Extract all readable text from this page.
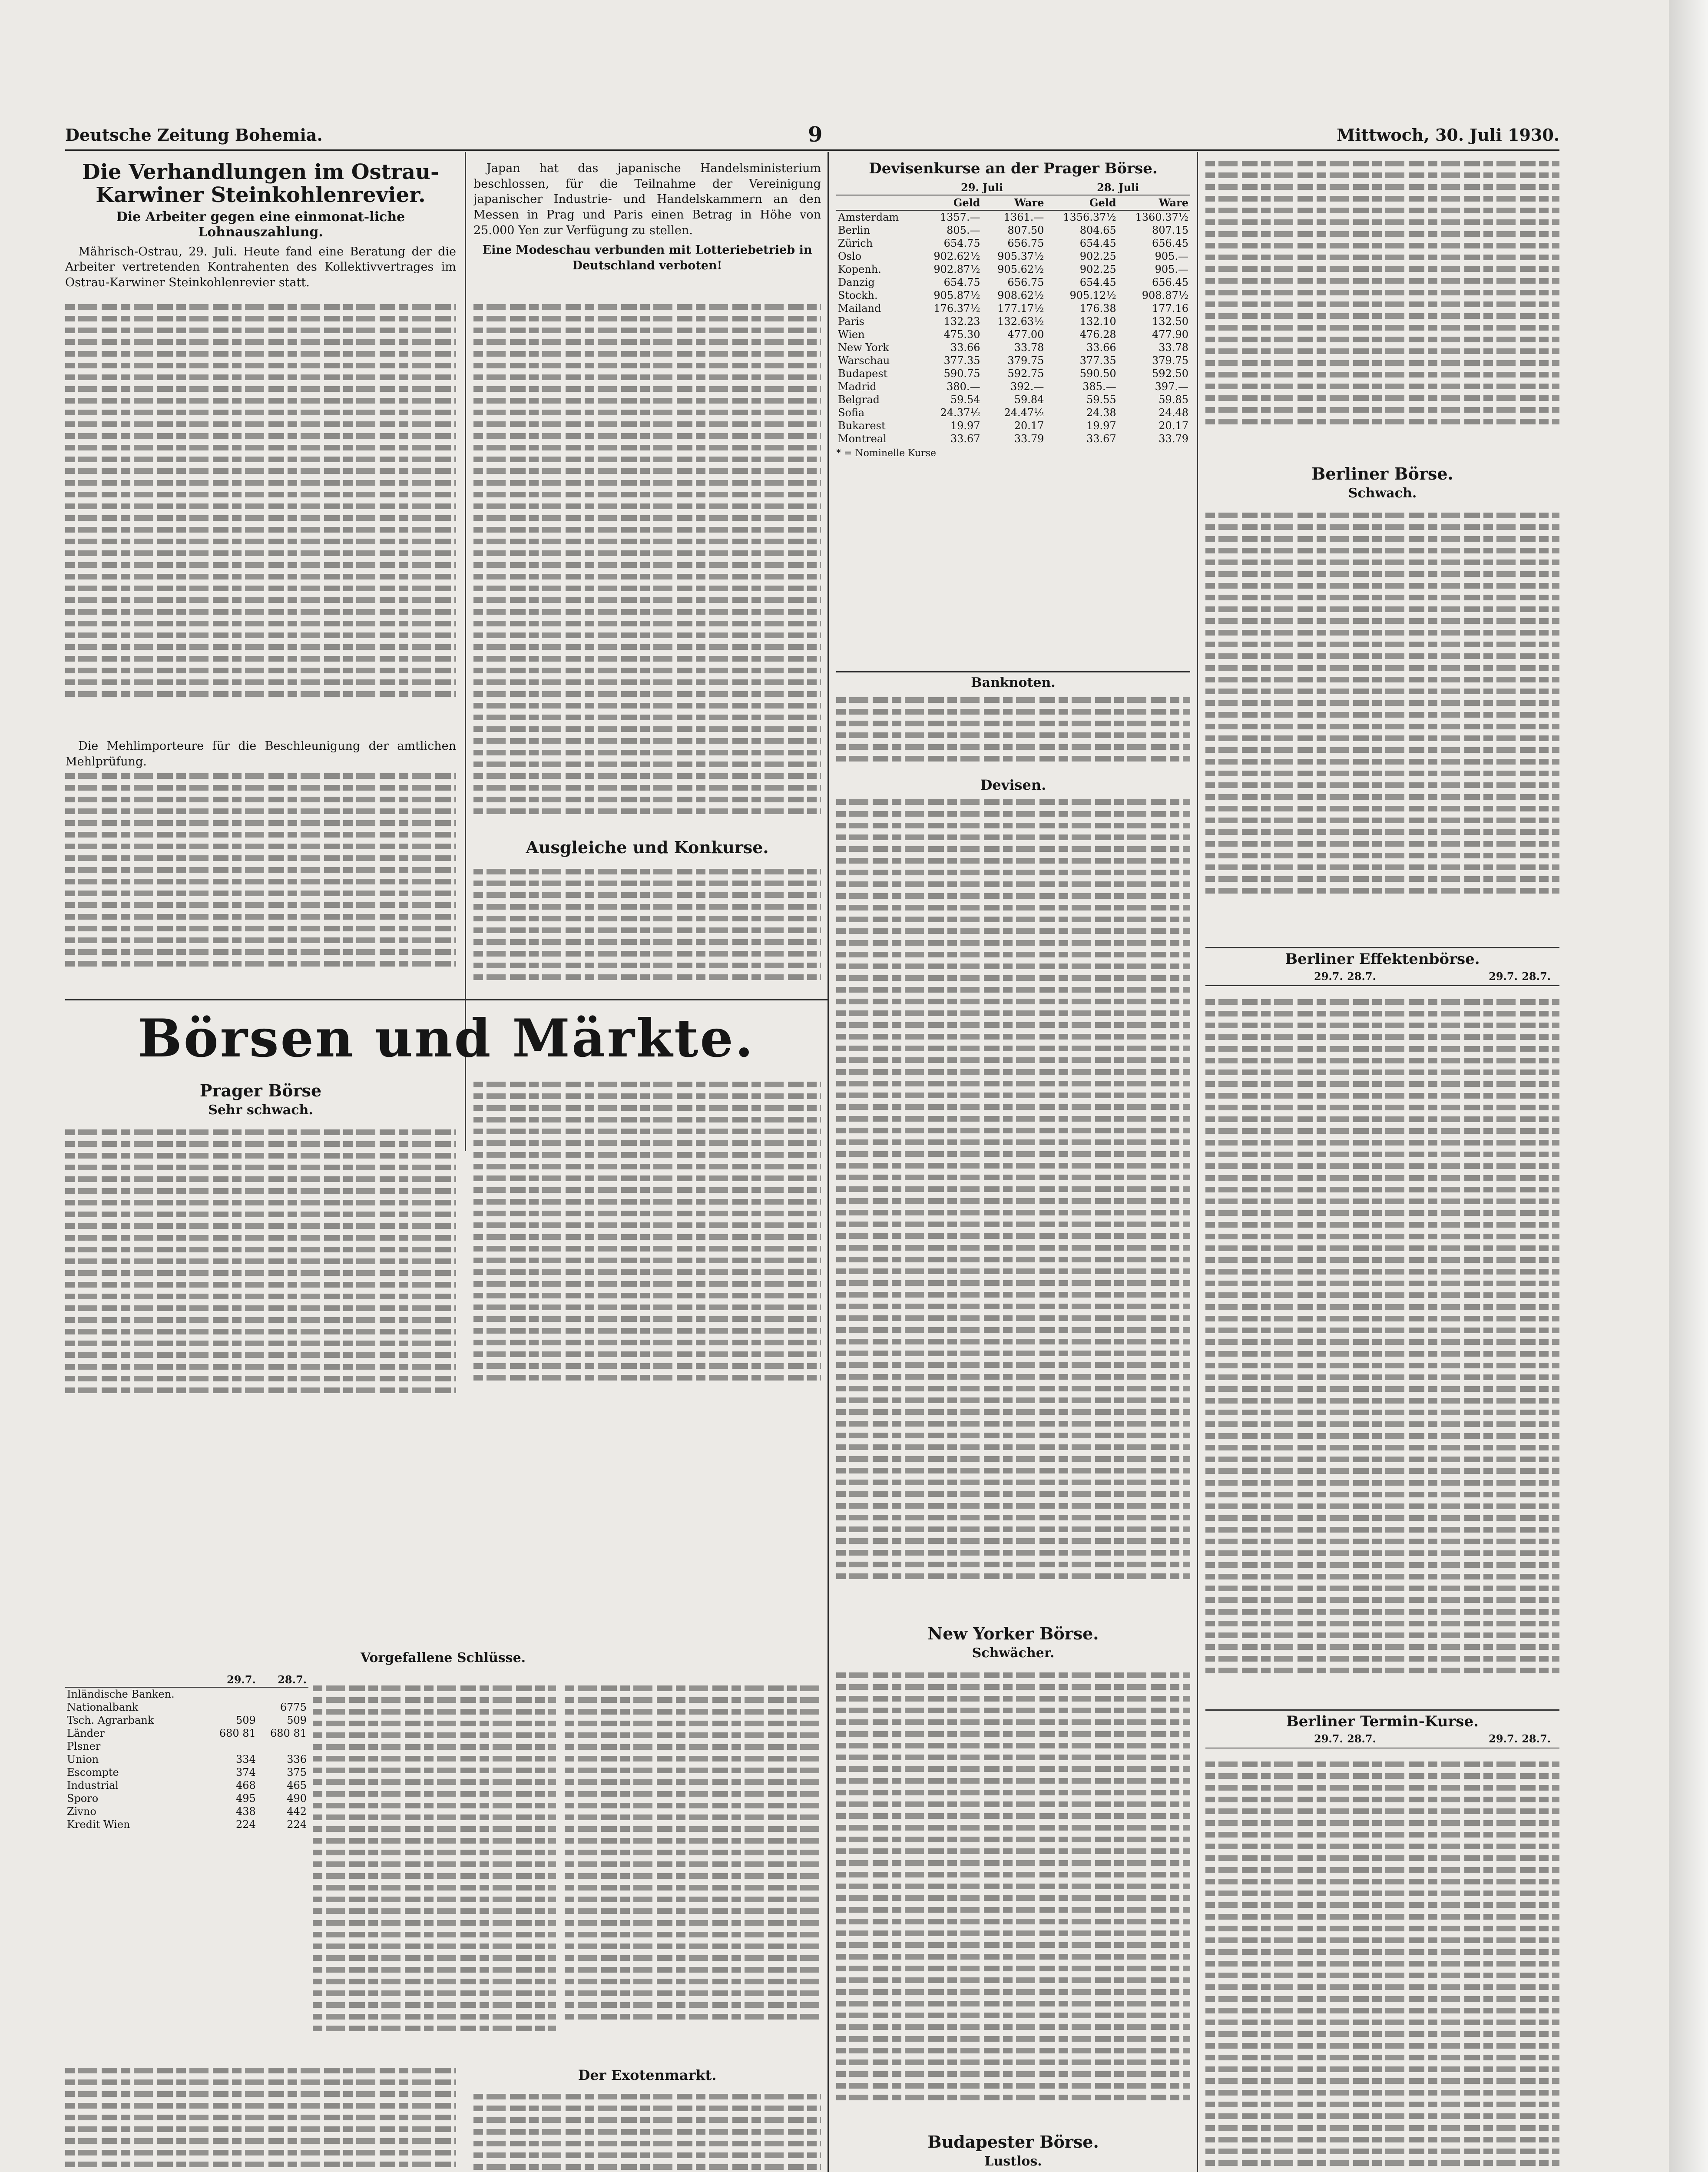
Deutsche Zeitung Bohemia.	9	Mittwoch, 30. Juli 1930.

Die Verhandlungen im Ostrau-

Karwiner Steinkohlenrevier.

Die Arbeiter gegen eine einmonat-liche Lohnauszahlung.

Mährisch-Ostrau, 29. Juli. Heute fand eine Beratung der die Arbeiter vertretenden Kontrahenten des Kollektivvertrages im Ostrau-Karwiner Steinkohlenrevier statt.

Die Mehlimporteure für die Beschleunigung der amtlichen Mehlprüfung.

Japan hat das japanische Handelsministerium beschlossen, für die Teilnahme der Vereinigung japanischer Industrie- und Handelskammern an den Messen in Prag und Paris einen Betrag in Höhe von 25.000 Yen zur Verfügung zu stellen.

Eine Modeschau verbunden mit Lotteriebetrieb in Deutschland verboten!

Ausgleiche und Konkurse.

Börsen und Märkte.

Prager Börse

Sehr schwach.

Vorgefallene Schlüsse.

	29.7.	28.7.
Inländische Banken.		
Nationalbank		6775
Tsch. Agrarbank	509	509
Länder	680 81	680 81
Plsner		
Union	334	336
Escompte	374	375
Industrial	468	465
Sporo	495	490
Zivno	438	442
Kredit Wien	224	224

Der Exotenmarkt.

Devisenkurse an der Prager Börse.

	29. Juli		28. Juli	
	Geld	Ware	Geld	Ware
Amsterdam	1357.—	1361.—	1356.37½	1360.37½
Berlin	805.—	807.50	804.65	807.15
Zürich	654.75	656.75	654.45	656.45
Oslo	902.62½	905.37½	902.25	905.—
Kopenh.	902.87½	905.62½	902.25	905.—
Danzig	654.75	656.75	654.45	656.45
Stockh.	905.87½	908.62½	905.12½	908.87½
Mailand	176.37½	177.17½	176.38	177.16
Paris	132.23	132.63½	132.10	132.50
Wien	475.30	477.00	476.28	477.90
New York	33.66	33.78	33.66	33.78
Warschau	377.35	379.75	377.35	379.75
Budapest	590.75	592.75	590.50	592.50
Madrid	380.—	392.—	385.—	397.—
Belgrad	59.54	59.84	59.55	59.85
Sofia	24.37½	24.47½	24.38	24.48
Bukarest	19.97	20.17	19.97	20.17
Montreal	33.67	33.79	33.67	33.79

* = Nominelle Kurse

Banknoten.

Devisen.

New Yorker Börse.

Schwächer.

Budapester Börse.

Lustlos.

Berliner Börse.

Schwach.

Berliner Effektenbörse.

29.7. 28.7.	29.7. 28.7.

Berliner Termin-Kurse.

29.7. 28.7.	29.7. 28.7.
